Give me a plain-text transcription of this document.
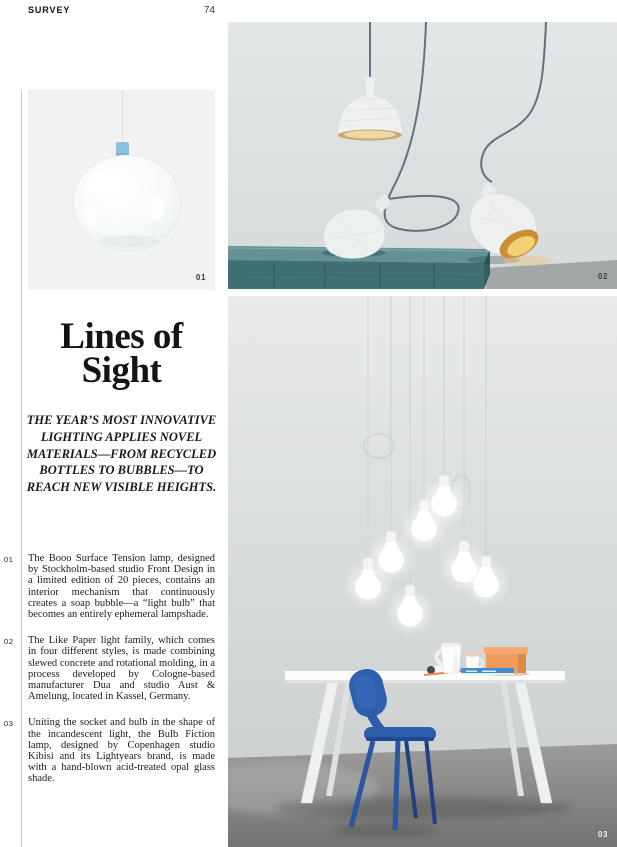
SURVEY	74
01	02
03
Lines of
Sight
THE YEAR’S MOST INNOVATIVE
LIGHTING APPLIES NOVEL
MATERIALS—FROM RECYCLED
BOTTLES TO BUBBLES—TO
REACH NEW VISIBLE HEIGHTS.
01 The Booo Surface Tension lamp, designed by Stockholm-based studio Front Design in a limited edition of 20 pieces, contains an interior mechanism that continuously creates a soap bubble—a “light bulb” that becomes an entirely ephemeral lampshade.
02 The Like Paper light family, which comes in four different styles, is made combining slewed concrete and rotational molding, in a process developed by Cologne-based manufacturer Dua and studio Aust & Amelung, located in Kassel, Germany.
03 Uniting the socket and bulb in the shape of the incandescent light, the Bulb Fiction lamp, designed by Copenhagen studio Kibisi and its Lightyears brand, is made with a hand-blown acid-treated opal glass shade.
